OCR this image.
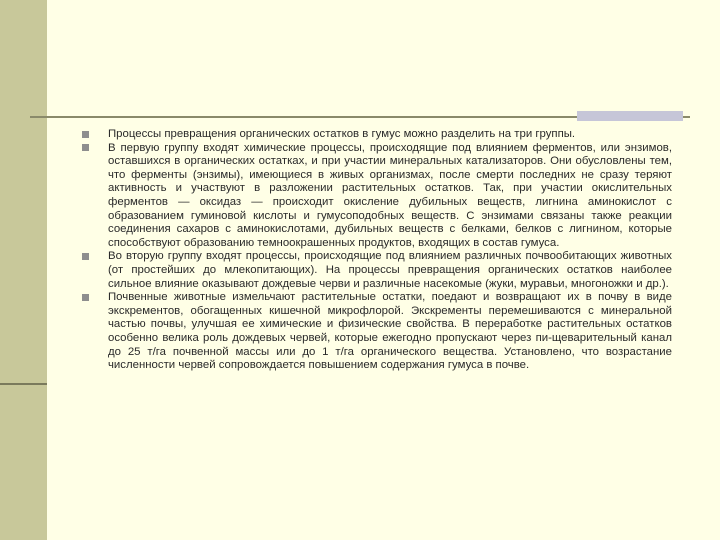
Процессы превращения органических остатков в гумус можно разделить на три группы.
В первую группу входят химические процессы, происходящие под влиянием ферментов, или энзимов, оставшихся в органических остатках, и при участии минеральных катализаторов. Они обусловлены тем, что ферменты (энзимы), имеющиеся в живых организмах, после смерти последних не сразу теряют активность и участвуют в разложении растительных остатков. Так, при участии окислительных ферментов — оксидаз — происходит окисление дубильных веществ, лигнина аминокислот с образованием гуминовой кислоты и гумусоподобных веществ. С энзимами связаны также реакции соединения сахаров с аминокислотами, дубильных веществ с белками, белков с лигнином, которые способствуют образованию темноокрашенных продуктов, входящих в состав гумуса.
Во вторую группу входят процессы, происходящие под влиянием различных почвообитающих животных (от простейших до млекопитающих). На процессы превращения органических остатков наиболее сильное влияние оказывают дождевые черви и различные насекомые (жуки, муравьи, многоножки и др.).
Почвенные животные измельчают растительные остатки, поедают и возвращают их в почву в виде экскрементов, обогащенных кишечной микрофлорой. Экскременты перемешиваются с минеральной частью почвы, улучшая ее химические и физические свойства. В переработке растительных остатков особенно велика роль дождевых червей, которые ежегодно пропускают через пи-щеварительный канал до 25 т/га почвенной массы или до 1 т/га органического вещества. Установлено, что возрастание численности червей сопровождается повышением содержания гумуса в почве.
